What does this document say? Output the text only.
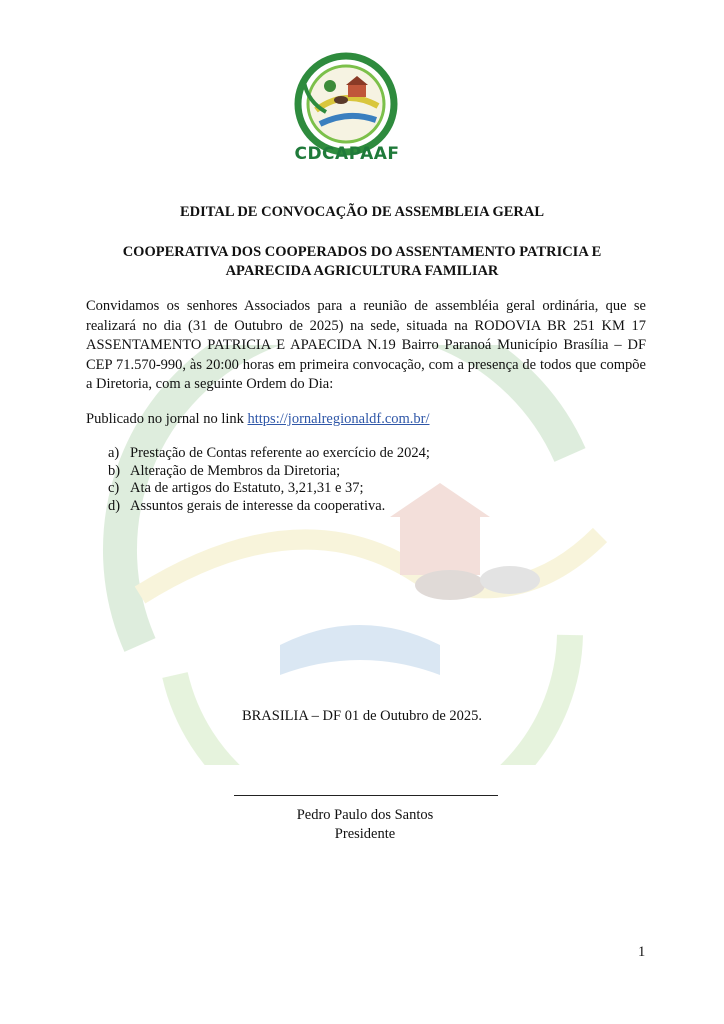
CDCAPAAF
EDITAL DE CONVOCAÇÃO DE ASSEMBLEIA GERAL
COOPERATIVA DOS COOPERADOS DO ASSENTAMENTO PATRICIA E
APARECIDA AGRICULTURA FAMILIAR
Convidamos os senhores Associados para a reunião de assembléia geral ordinária, que se realizará no dia (31 de Outubro de 2025) na sede, situada na RODOVIA BR 251 KM 17 ASSENTAMENTO PATRICIA E APAECIDA N.19 Bairro Paranoá Município Brasília – DF CEP 71.570-990, às 20:00 horas em primeira convocação, com a presença de todos que compõe a Diretoria, com a seguinte Ordem do Dia:
Publicado no jornal no link https://jornalregionaldf.com.br/
a) Prestação de Contas referente ao exercício de 2024;
b) Alteração de Membros da Diretoria;
c) Ata de artigos do Estatuto, 3,21,31 e 37;
d) Assuntos gerais de interesse da cooperativa.
BRASILIA – DF 01 de Outubro de 2025.
Pedro Paulo dos Santos
Presidente
1
